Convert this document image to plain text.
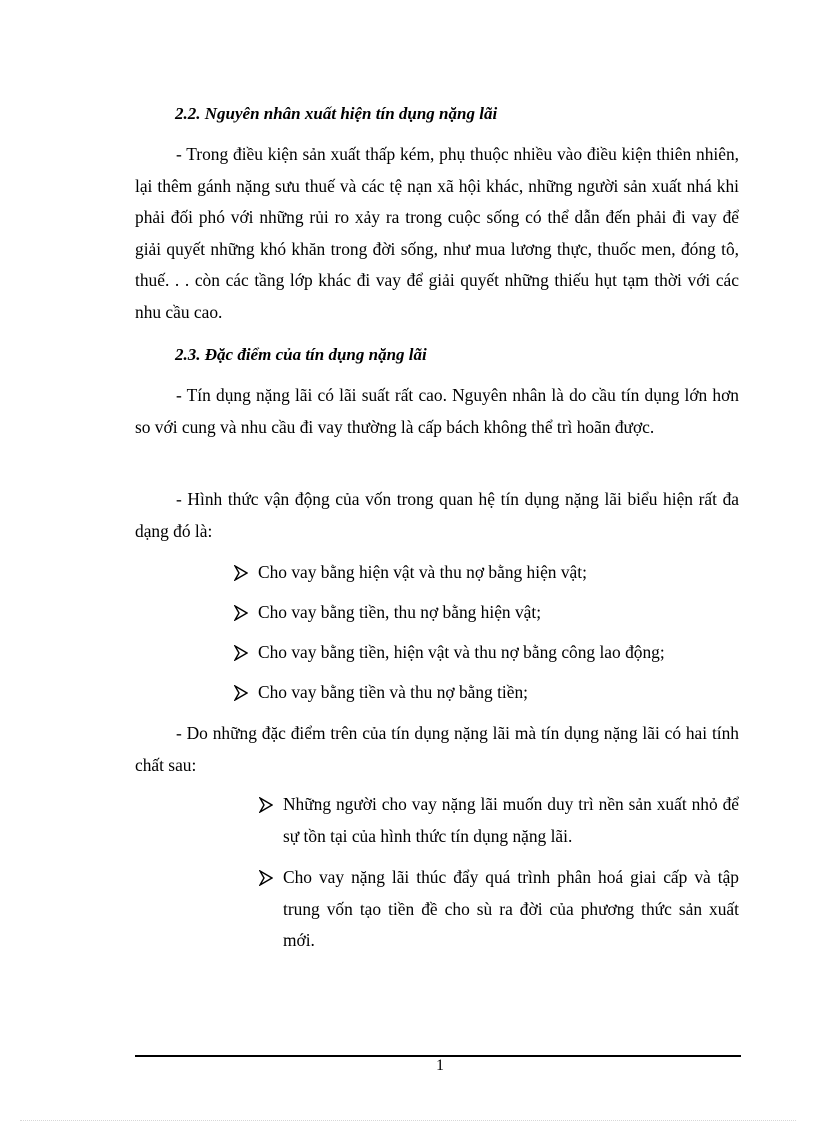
2.2. Nguyên nhân xuất hiện tín dụng nặng lãi

- Trong điều kiện sản xuất thấp kém, phụ thuộc nhiều vào điều kiện thiên nhiên, lại thêm gánh nặng sưu thuế và các tệ nạn xã hội khác, những người sản xuất nhá khi phải đối phó với những rủi ro xảy ra trong cuộc sống có thể dẫn đến phải đi vay để giải quyết những khó khăn trong đời sống, như mua lương thực, thuốc men, đóng tô, thuế. . . còn các tầng lớp khác đi vay để giải quyết những thiếu hụt tạm thời với các nhu cầu cao.

2.3. Đặc điểm của tín dụng nặng lãi

- Tín dụng nặng lãi có lãi suất rất cao. Nguyên nhân là do cầu tín dụng lớn hơn so với cung và nhu cầu đi vay thường là cấp bách không thể trì hoãn được.

- Hình thức vận động của vốn trong quan hệ tín dụng nặng lãi biểu hiện rất đa dạng đó là:

Cho vay bằng hiện vật và thu nợ bằng hiện vật;
Cho vay bằng tiền, thu nợ bằng hiện vật;
Cho vay bằng tiền, hiện vật và thu nợ bằng công lao động;
Cho vay bằng tiền và thu nợ bằng tiền;

- Do những đặc điểm trên của tín dụng nặng lãi mà tín dụng nặng lãi có hai tính chất sau:

Những người cho vay nặng lãi muốn duy trì nền sản xuất nhỏ để sự tồn tại của hình thức tín dụng nặng lãi.
Cho vay nặng lãi thúc đẩy quá trình phân hoá giai cấp và tập trung vốn tạo tiền đề cho sù ra đời của phương thức sản xuất mới.
1
